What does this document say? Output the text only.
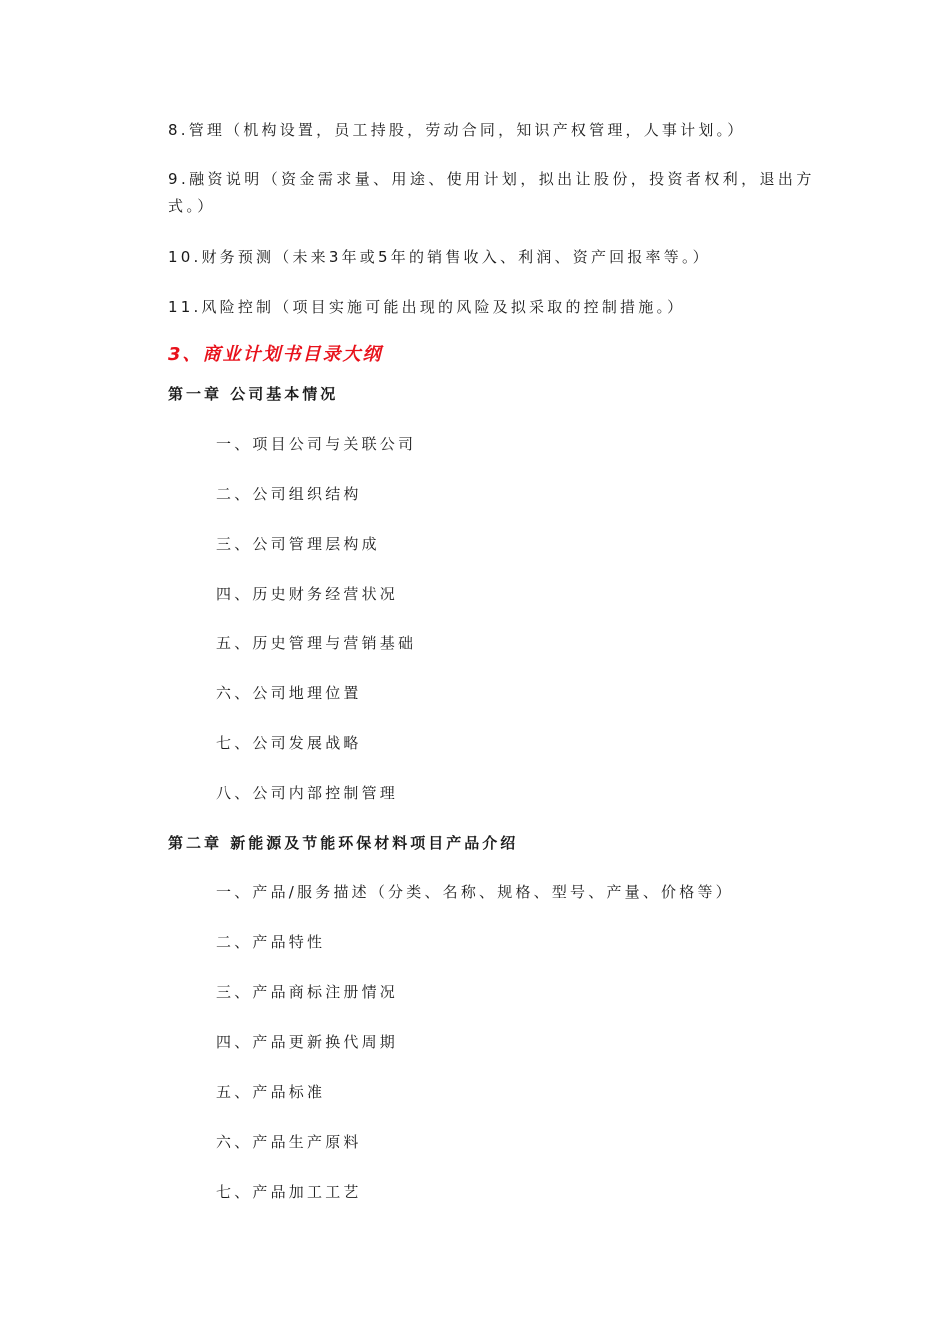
8.管理（机构设置，员工持股，劳动合同，知识产权管理，人事计划。）
9.融资说明（资金需求量、用途、使用计划，拟出让股份，投资者权利，退出方式。）
10.财务预测（未来3年或5年的销售收入、利润、资产回报率等。）
11.风险控制（项目实施可能出现的风险及拟采取的控制措施。）
3、商业计划书目录大纲
第一章 公司基本情况
一、项目公司与关联公司
二、公司组织结构
三、公司管理层构成
四、历史财务经营状况
五、历史管理与营销基础
六、公司地理位置
七、公司发展战略
八、公司内部控制管理
第二章 新能源及节能环保材料项目产品介绍
一、产品/服务描述（分类、名称、规格、型号、产量、价格等）
二、产品特性
三、产品商标注册情况
四、产品更新换代周期
五、产品标准
六、产品生产原料
七、产品加工工艺
